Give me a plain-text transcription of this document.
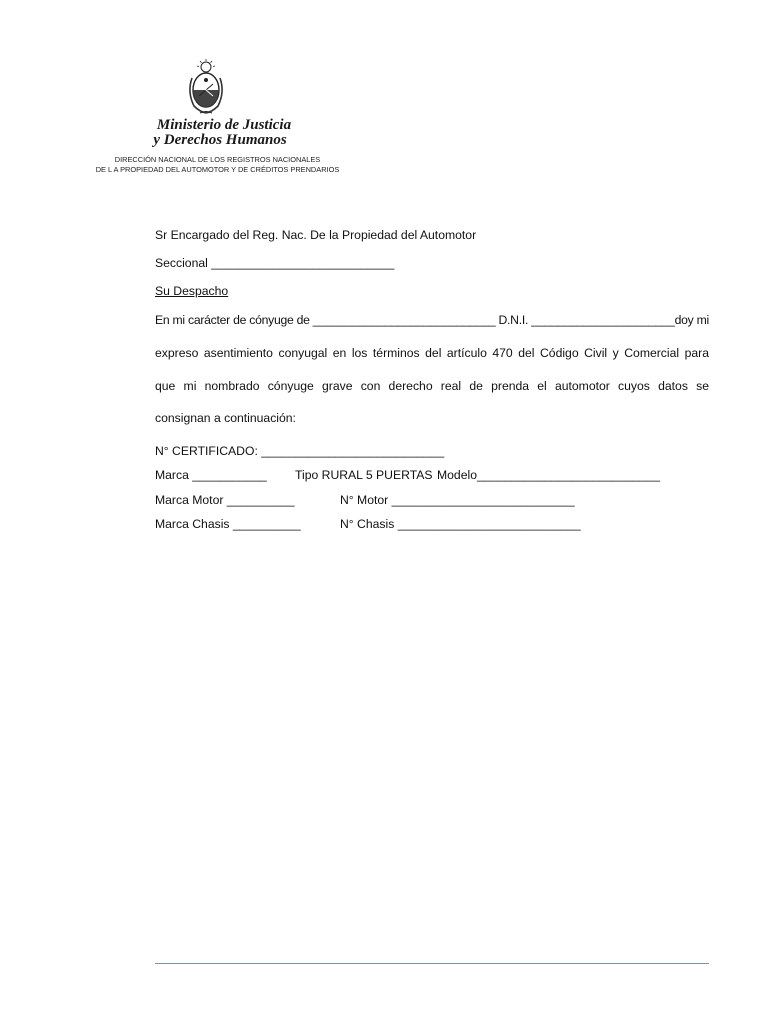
Ministerio de Justicia
y Derechos Humanos
DIRECCIÓN NACIONAL DE LOS REGISTROS NACIONALES
DE L A PROPIEDAD DEL AUTOMOTOR Y DE CRÉDITOS PRENDARIOS
Sr Encargado del Reg. Nac. De la Propiedad del Automotor
Seccional ___________________________
Su Despacho
En mi carácter de cónyuge de ____________________________ D.N.I. ______________________doy mi
expreso asentimiento conyugal en los términos del artículo 470 del Código Civil y Comercial para
que mi nombrado cónyuge grave con derecho real de prenda el automotor cuyos datos se
consignan a continuación:
N° CERTIFICADO: ___________________________
Marca ___________ Tipo RURAL 5 PUERTAS Modelo___________________________
Marca Motor __________	N° Motor ___________________________
Marca Chasis __________	N° Chasis ___________________________
